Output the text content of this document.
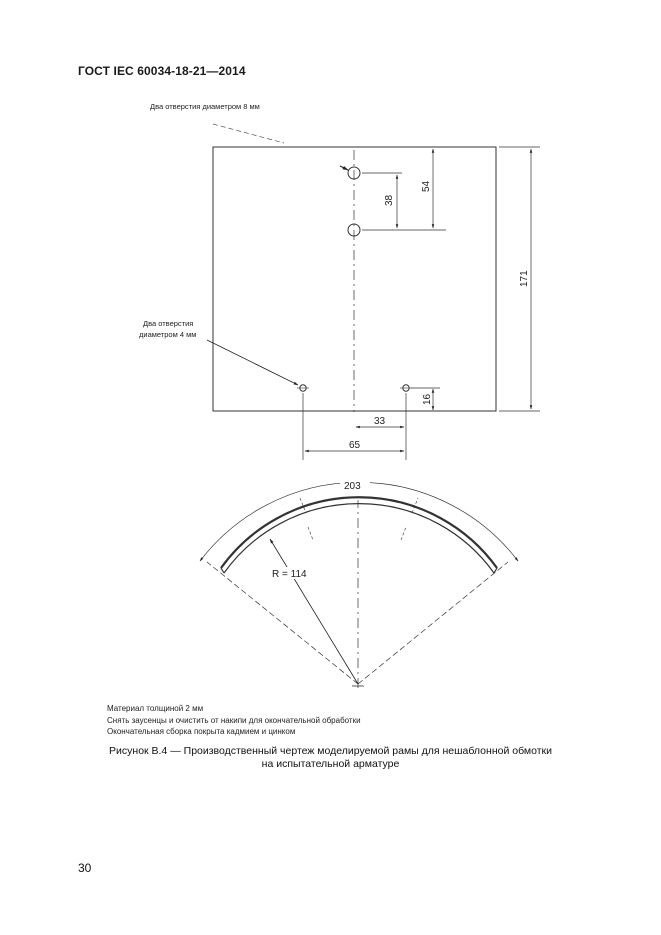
ГОСТ IEC 60034-18-21—2014
Два отверстия диаметром 8 мм
Два отверстия
диаметром 4 мм
38
54
171
16
33
65
203
R = 114
Материал толщиной 2 мм
Снять заусенцы и очистить от накипи для окончательной обработки
Окончательная сборка покрыта кадмием и цинком
Рисунок В.4 — Производственный чертеж моделируемой рамы для нешаблонной обмотки
на испытательной арматуре
30
